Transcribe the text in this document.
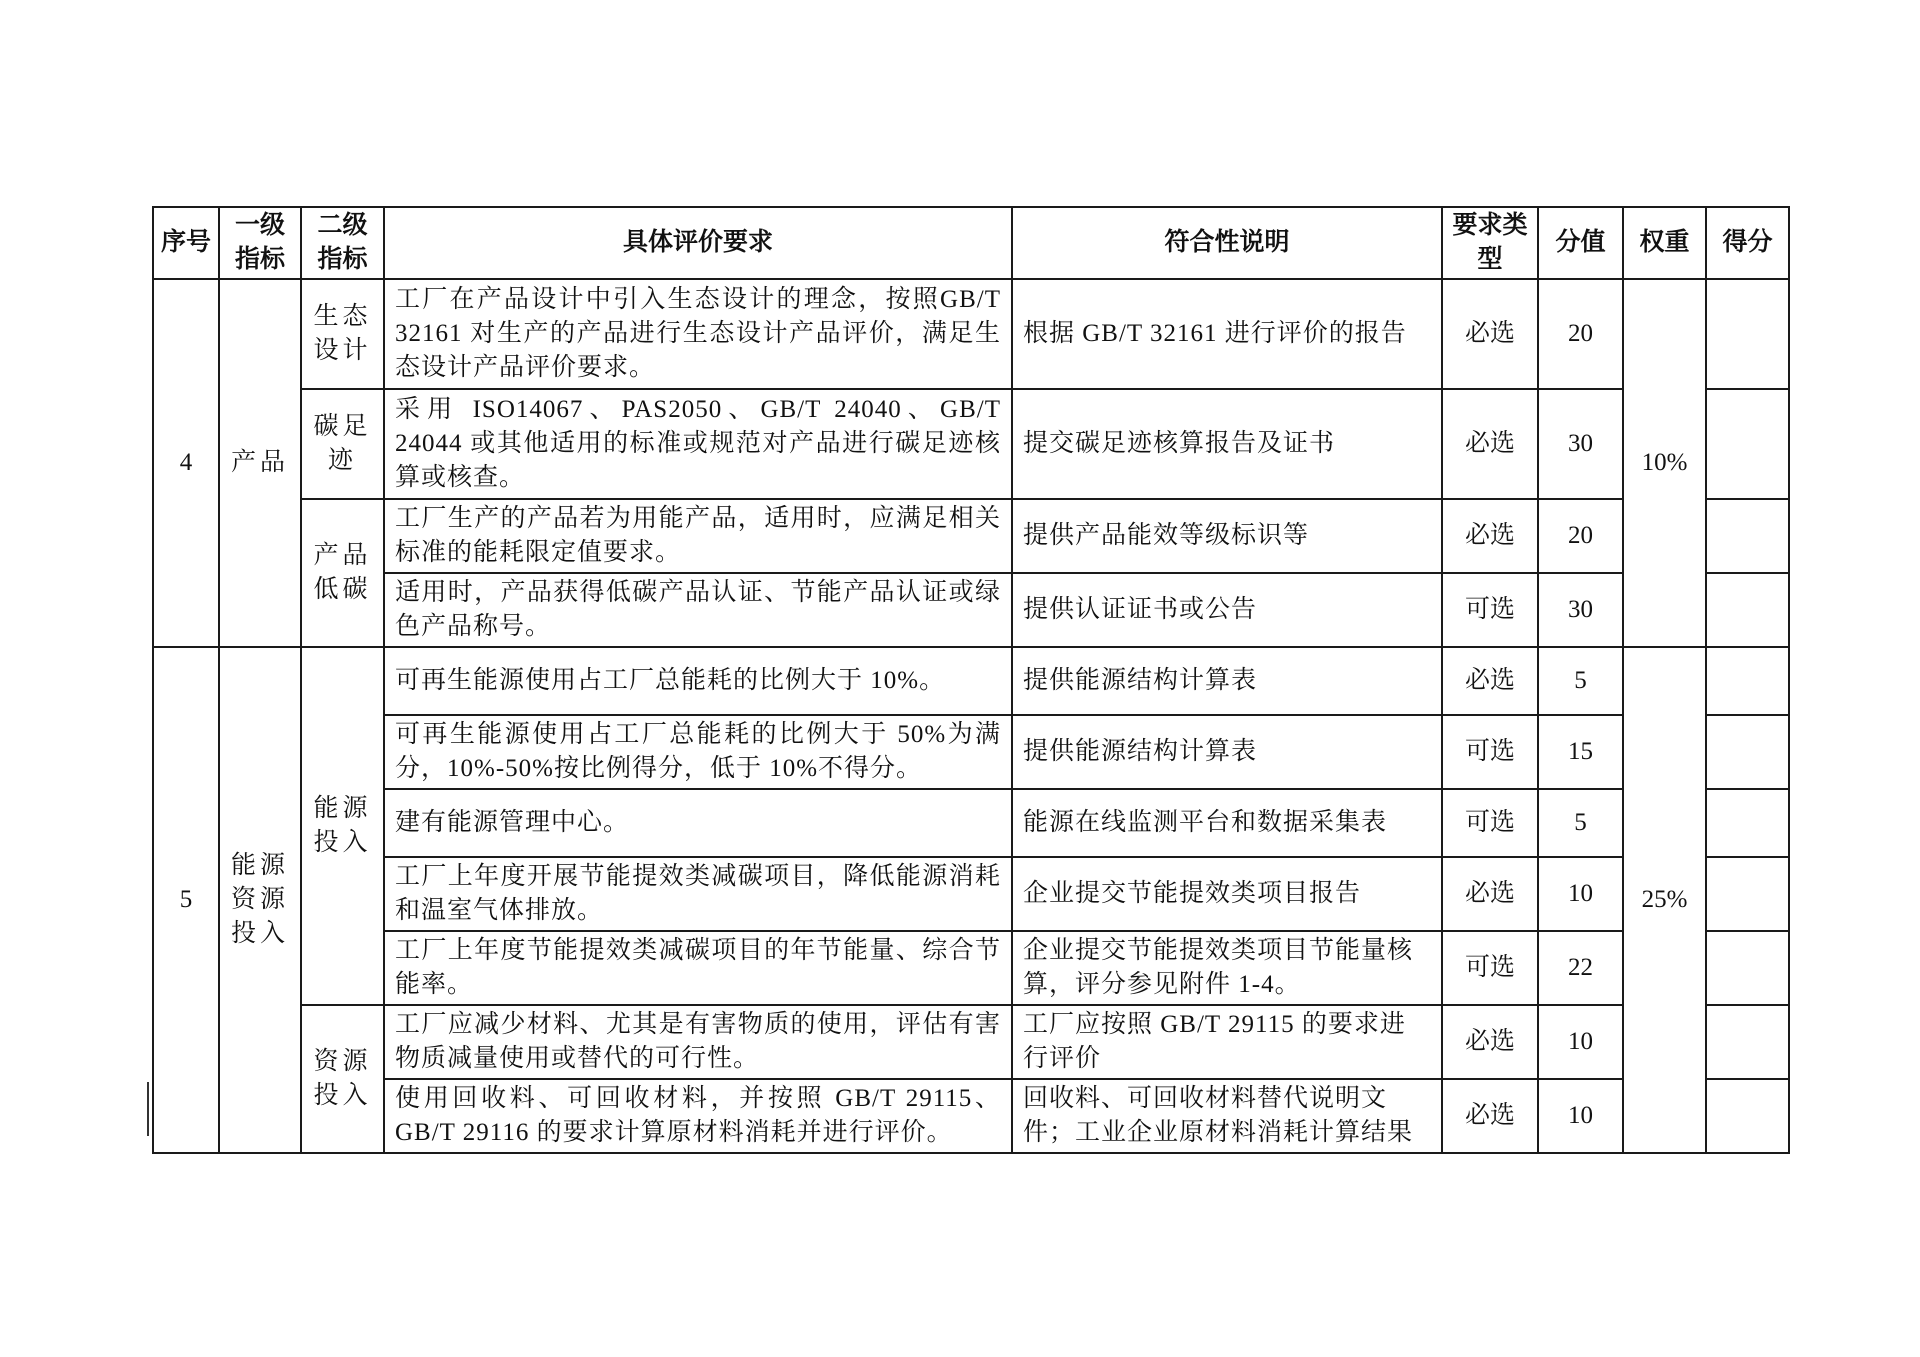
序号	一级指标	二级指标	具体评价要求	符合性说明	要求类型	分值	权重	得分
4	产品	生态设计	工厂在产品设计中引入生态设计的理念，按照GB/T 32161 对生产的产品进行生态设计产品评价，满足生态设计产品评价要求。	根据 GB/T 32161 进行评价的报告	必选	20	10%	
		碳足迹	采用 ISO14067、PAS2050、GB/T 24040、GB/T 24044 或其他适用的标准或规范对产品进行碳足迹核算或核查。	提交碳足迹核算报告及证书	必选	30		
		产品低碳	工厂生产的产品若为用能产品，适用时，应满足相关标准的能耗限定值要求。	提供产品能效等级标识等	必选	20		
			适用时，产品获得低碳产品认证、节能产品认证或绿色产品称号。	提供认证证书或公告	可选	30		
5	能源资源投入	能源投入	可再生能源使用占工厂总能耗的比例大于 10%。	提供能源结构计算表	必选	5	25%	
			可再生能源使用占工厂总能耗的比例大于 50%为满分，10%-50%按比例得分，低于 10%不得分。	提供能源结构计算表	可选	15		
			建有能源管理中心。	能源在线监测平台和数据采集表	可选	5		
			工厂上年度开展节能提效类减碳项目，降低能源消耗和温室气体排放。	企业提交节能提效类项目报告	必选	10		
			工厂上年度节能提效类减碳项目的年节能量、综合节能率。	企业提交节能提效类项目节能量核算，评分参见附件 1-4。	可选	22		
		资源投入	工厂应减少材料、尤其是有害物质的使用，评估有害物质减量使用或替代的可行性。	工厂应按照 GB/T 29115 的要求进行评价	必选	10		
			使用回收料、可回收材料，并按照 GB/T 29115、GB/T 29116 的要求计算原材料消耗并进行评价。	回收料、可回收材料替代说明文件；工业企业原材料消耗计算结果	必选	10		
